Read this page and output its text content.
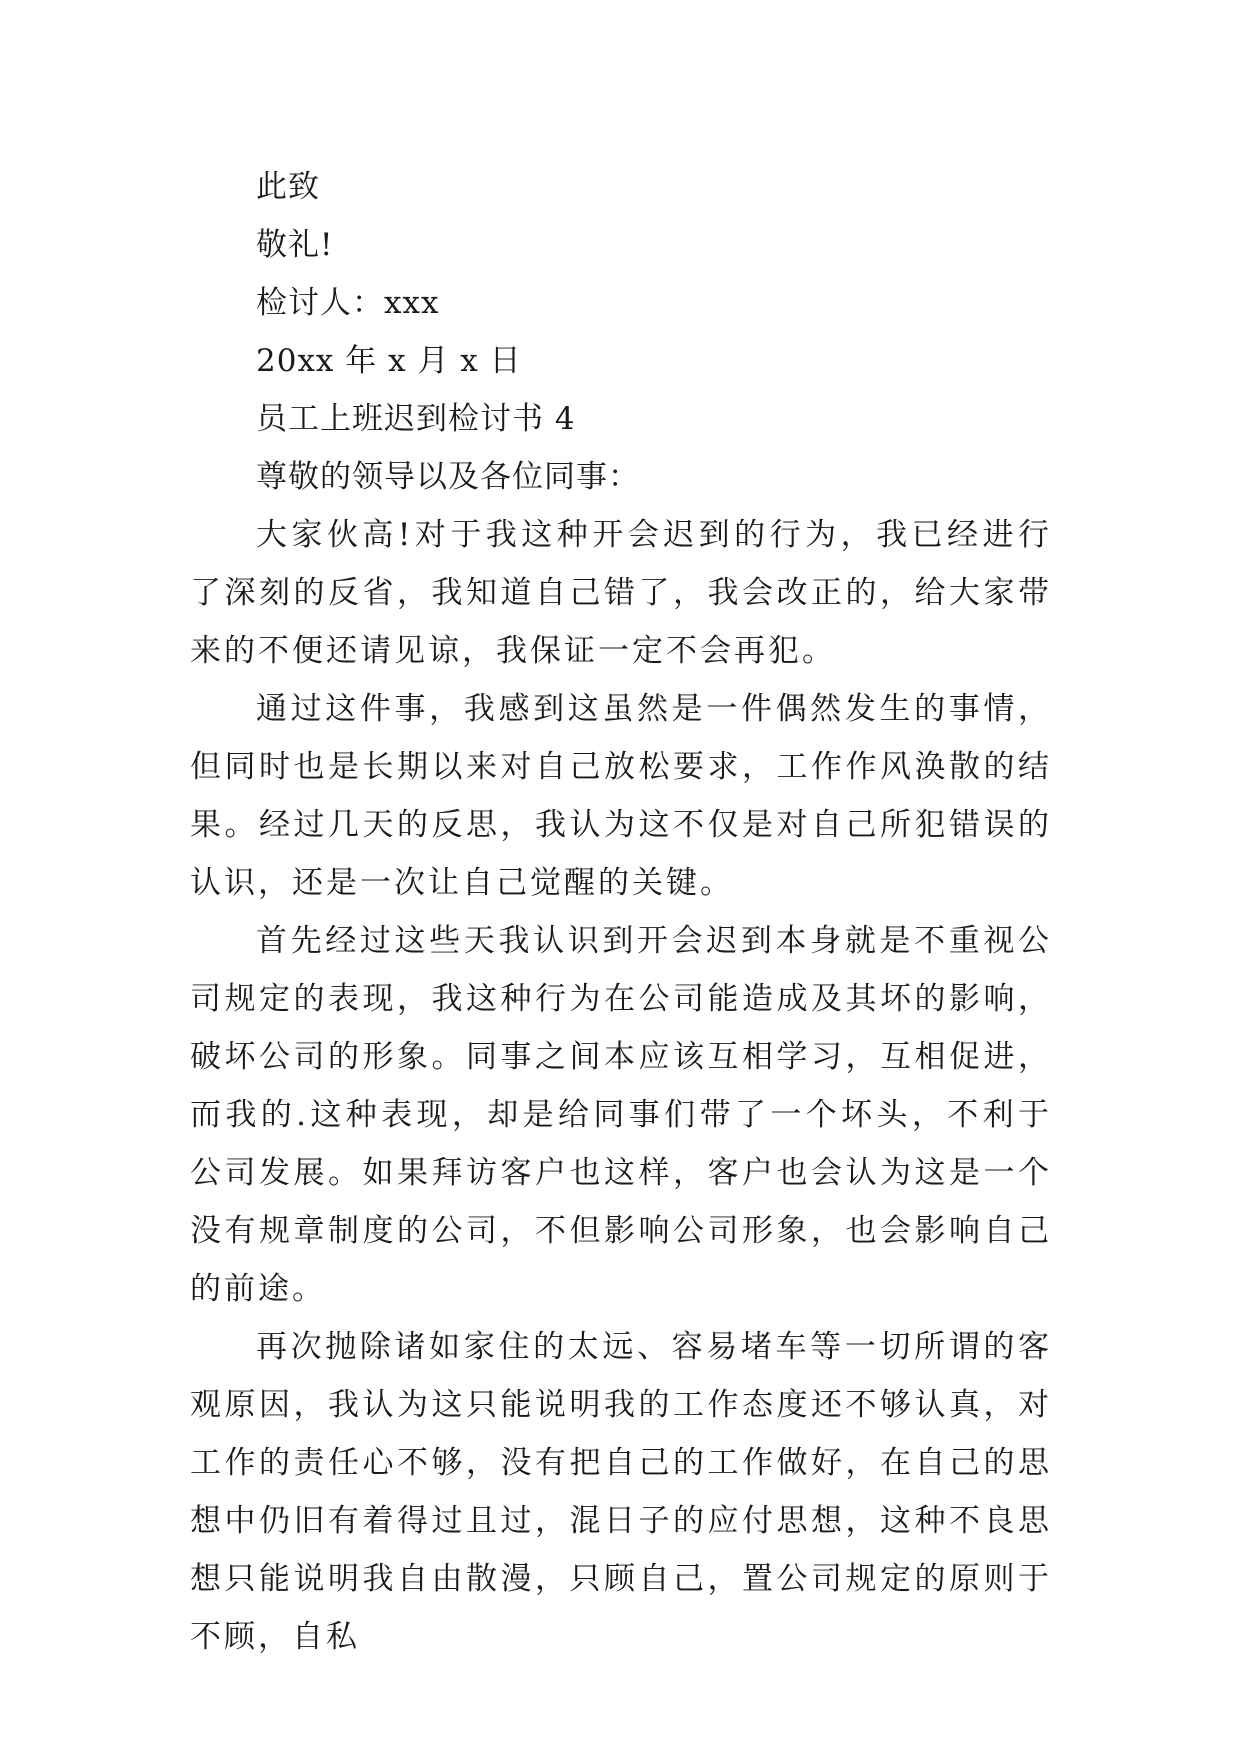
此致
敬礼!
检讨人：xxx
20xx 年 x 月 x 日
员工上班迟到检讨书 4
尊敬的领导以及各位同事：

大家伙高!对于我这种开会迟到的行为，我已经进行了深刻的反省，我知道自己错了，我会改正的，给大家带来的不便还请见谅，我保证一定不会再犯。

通过这件事，我感到这虽然是一件偶然发生的事情，但同时也是长期以来对自己放松要求，工作作风涣散的结果。经过几天的反思，我认为这不仅是对自己所犯错误的认识，还是一次让自己觉醒的关键。

首先经过这些天我认识到开会迟到本身就是不重视公司规定的表现，我这种行为在公司能造成及其坏的影响，破坏公司的形象。同事之间本应该互相学习，互相促进，而我的.这种表现，却是给同事们带了一个坏头，不利于公司发展。如果拜访客户也这样，客户也会认为这是一个没有规章制度的公司，不但影响公司形象，也会影响自己的前途。

再次抛除诸如家住的太远、容易堵车等一切所谓的客观原因，我认为这只能说明我的工作态度还不够认真，对工作的责任心不够，没有把自己的工作做好，在自己的思想中仍旧有着得过且过，混日子的应付思想，这种不良思想只能说明我自由散漫，只顾自己，置公司规定的原则于不顾，自私
